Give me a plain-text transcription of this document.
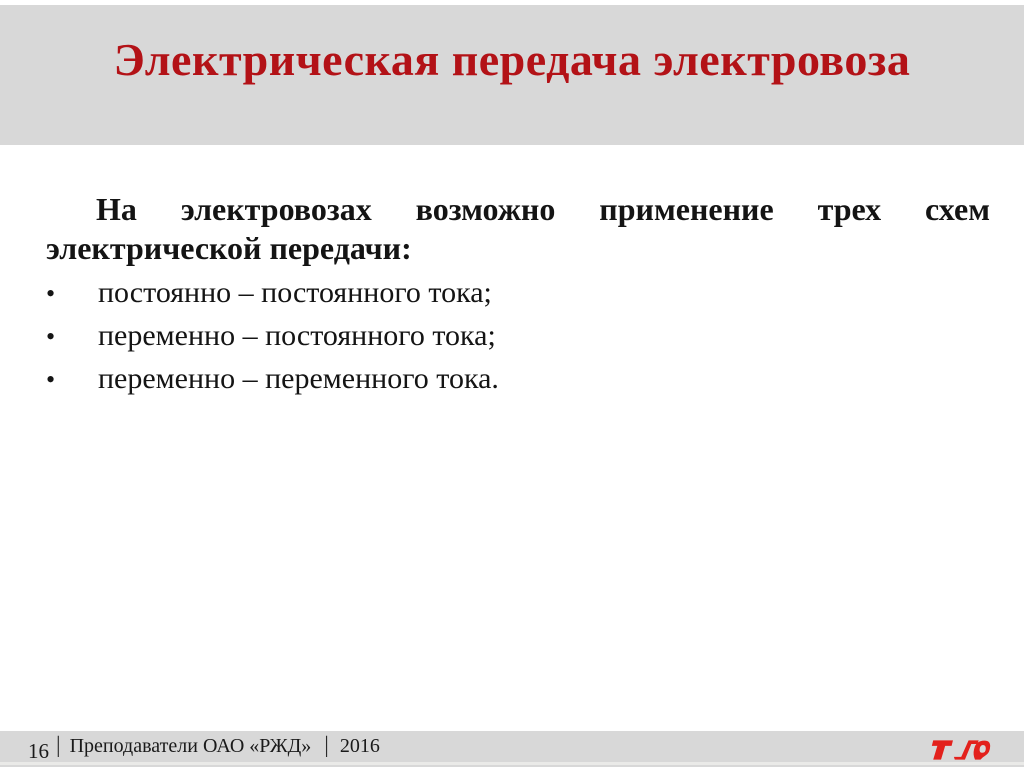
Электрическая передача электровоза

На электровозах возможно применение трех схем
электрической передачи:

•	постоянно – постоянного тока;
•	переменно – постоянного тока;
•	переменно – переменного тока.
16 | Преподаватели ОАО «РЖД» | 2016
